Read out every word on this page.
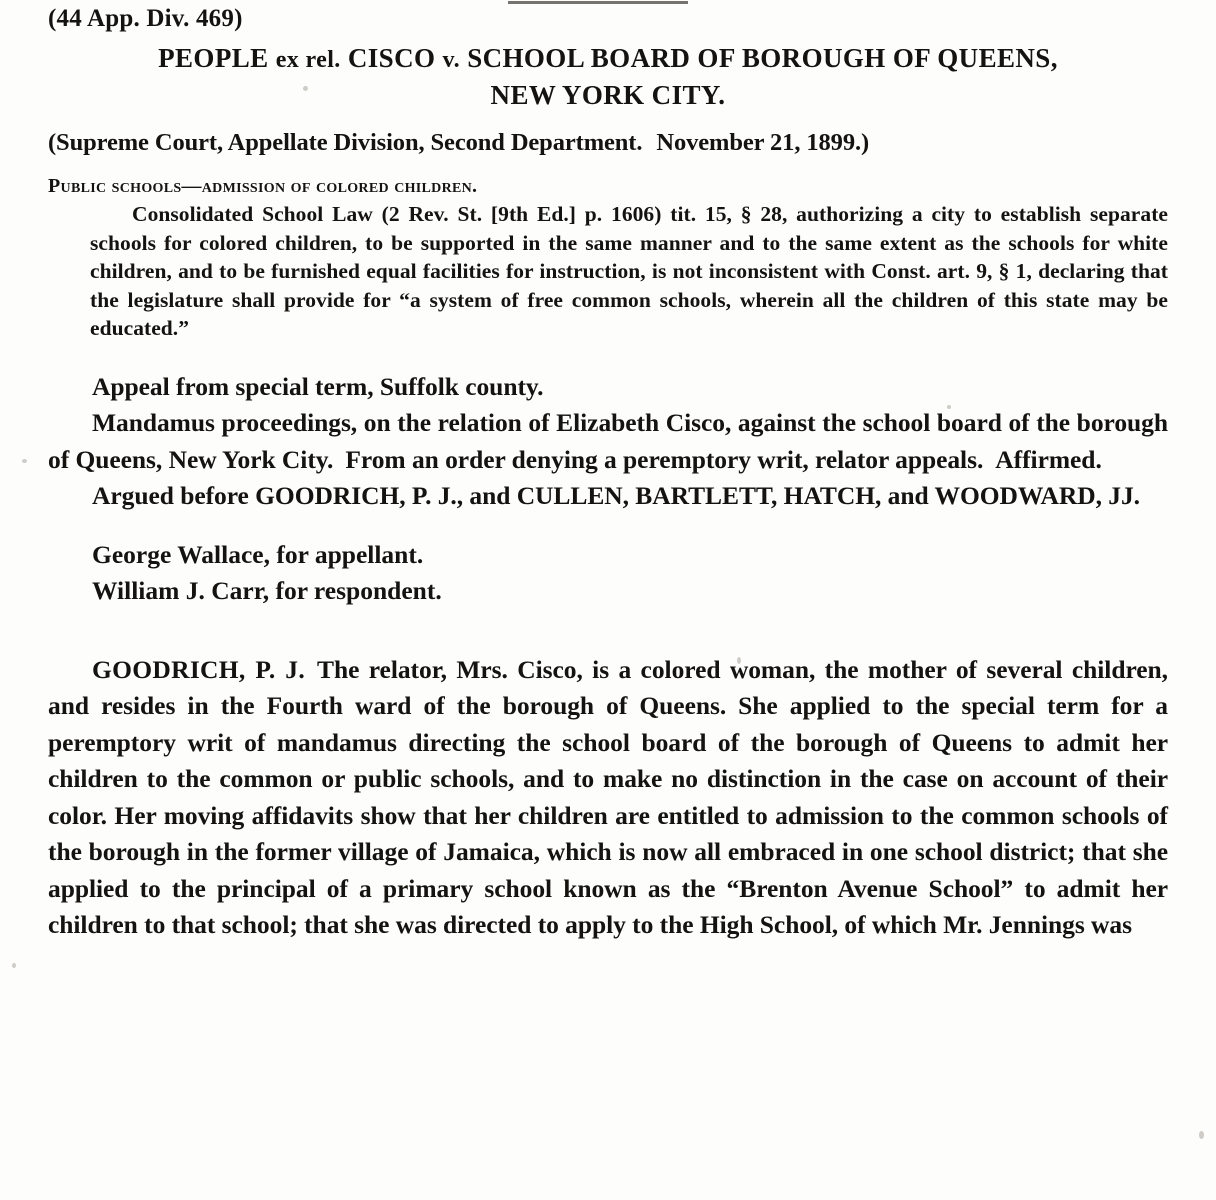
(44 App. Div. 469)
PEOPLE ex rel. CISCO v. SCHOOL BOARD OF BOROUGH OF QUEENS,
NEW YORK CITY.
(Supreme Court, Appellate Division, Second Department. November 21, 1899.)
Public schools—admission of colored children.
Consolidated School Law (2 Rev. St. [9th Ed.] p. 1606) tit. 15, § 28, authorizing a city to establish separate schools for colored children, to be supported in the same manner and to the same extent as the schools for white children, and to be furnished equal facilities for instruction, is not inconsistent with Const. art. 9, § 1, declaring that the legislature shall provide for “a system of free common schools, wherein all the children of this state may be educated.”
Appeal from special term, Suffolk county.
Mandamus proceedings, on the relation of Elizabeth Cisco, against the school board of the borough of Queens, New York City. From an order denying a peremptory writ, relator appeals. Affirmed.
Argued before GOODRICH, P. J., and CULLEN, BARTLETT, HATCH, and WOODWARD, JJ.
George Wallace, for appellant.
William J. Carr, for respondent.
GOODRICH, P. J. The relator, Mrs. Cisco, is a colored woman, the mother of several children, and resides in the Fourth ward of the borough of Queens. She applied to the special term for a peremptory writ of mandamus directing the school board of the borough of Queens to admit her children to the common or public schools, and to make no distinction in the case on account of their color. Her moving affidavits show that her children are entitled to admission to the common schools of the borough in the former village of Jamaica, which is now all embraced in one school district; that she applied to the principal of a primary school known as the “Brenton Avenue School” to admit her children to that school; that she was directed to apply to the High School, of which Mr. Jennings was
